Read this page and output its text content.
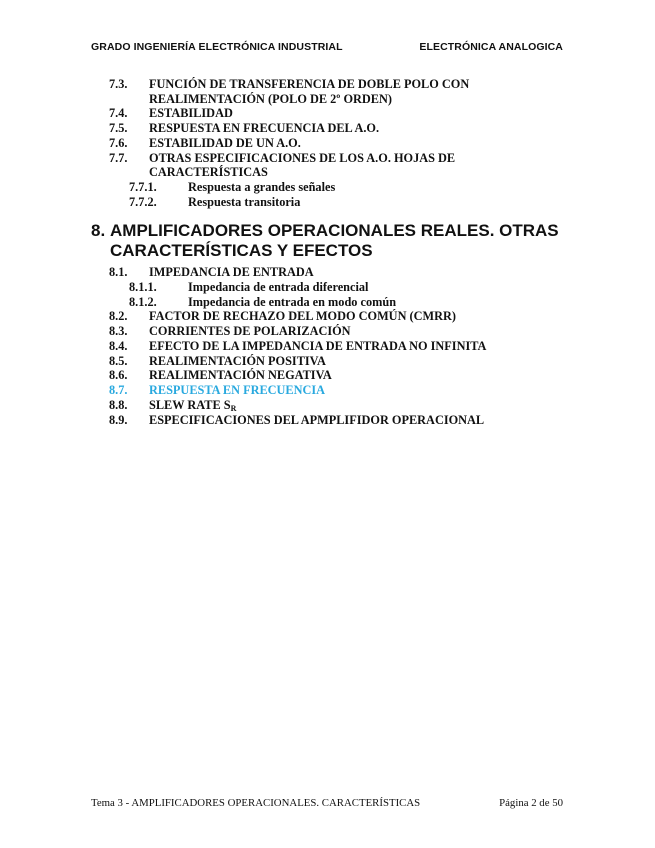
GRADO INGENIERÍA ELECTRÓNICA INDUSTRIAL	ELECTRÓNICA ANALOGICA
7.3. FUNCIÓN DE TRANSFERENCIA DE DOBLE POLO CON
REALIMENTACIÓN (POLO DE 2º ORDEN)
7.4. ESTABILIDAD
7.5. RESPUESTA EN FRECUENCIA DEL A.O.
7.6. ESTABILIDAD DE UN A.O.
7.7. OTRAS ESPECIFICACIONES DE LOS A.O. HOJAS DE
CARACTERÍSTICAS
7.7.1.	Respuesta a grandes señales
7.7.2.	Respuesta transitoria
8.1. IMPEDANCIA DE ENTRADA
8.1.1.	Impedancia de entrada diferencial
8.1.2.	Impedancia de entrada en modo común
8.2. FACTOR DE RECHAZO DEL MODO COMÚN (CMRR)
8.3. CORRIENTES DE POLARIZACIÓN
8.4. EFECTO DE LA IMPEDANCIA DE ENTRADA NO INFINITA
8.5. REALIMENTACIÓN POSITIVA
8.6. REALIMENTACIÓN NEGATIVA
8.7. RESPUESTA EN FRECUENCIA
8.8. SLEW RATE $S_R$
8.9. ESPECIFICACIONES DEL APMPLIFIDOR OPERACIONAL
8. AMPLIFICADORES OPERACIONALES REALES. OTRAS
CARACTERÍSTICAS Y EFECTOS
Tema 3 - AMPLIFICADORES OPERACIONALES. CARACTERÍSTICAS	Página 2 de 50
